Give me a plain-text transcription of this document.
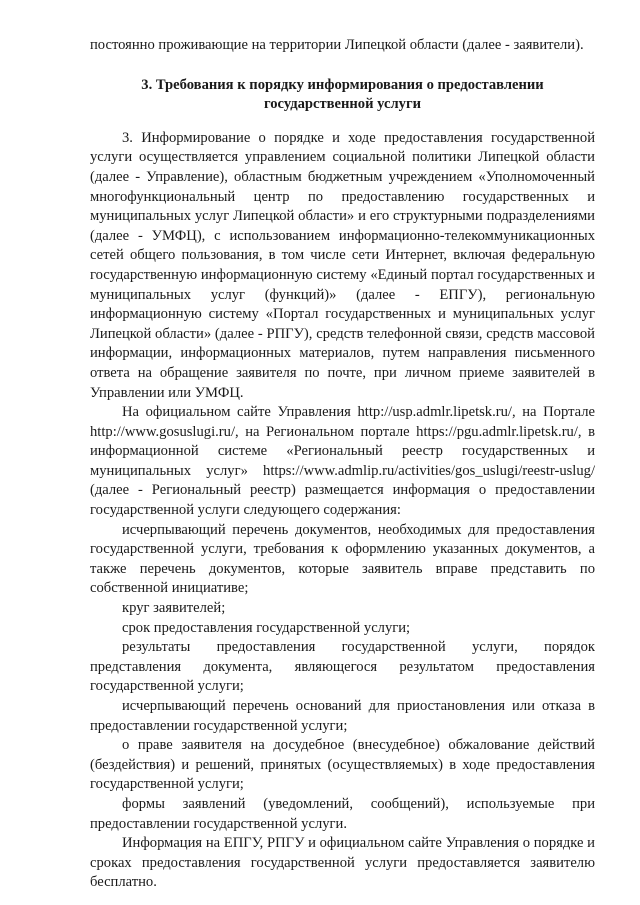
постоянно проживающие на территории Липецкой области (далее - заявители).

3. Требования к порядку информирования о предоставлении
государственной услуги

3. Информирование о порядке и ходе предоставления государственной услуги осуществляется управлением социальной политики Липецкой области (далее - Управление), областным бюджетным учреждением «Уполномоченный многофункциональный центр по предоставлению государственных и муниципальных услуг Липецкой области» и его структурными подразделениями (далее - УМФЦ), с использованием информационно-телекоммуникационных сетей общего пользования, в том числе сети Интернет, включая федеральную государственную информационную систему «Единый портал государственных и муниципальных услуг (функций)» (далее - ЕПГУ), региональную информационную систему «Портал государственных и муниципальных услуг Липецкой области» (далее - РПГУ), средств телефонной связи, средств массовой информации, информационных материалов, путем направления письменного ответа на обращение заявителя по почте, при личном приеме заявителей в Управлении или УМФЦ.

На официальном сайте Управления http://usp.admlr.lipetsk.ru/, на Портале http://www.gosuslugi.ru/, на Региональном портале https://pgu.admlr.lipetsk.ru/, в информационной системе «Региональный реестр государственных и муниципальных услуг» https://www.admlip.ru/activities/gos_uslugi/reestr-uslug/ (далее - Региональный реестр) размещается информация о предоставлении государственной услуги следующего содержания:

исчерпывающий перечень документов, необходимых для предоставления государственной услуги, требования к оформлению указанных документов, а также перечень документов, которые заявитель вправе представить по собственной инициативе;

круг заявителей;

срок предоставления государственной услуги;

результаты предоставления государственной услуги, порядок представления документа, являющегося результатом предоставления государственной услуги;

исчерпывающий перечень оснований для приостановления или отказа в предоставлении государственной услуги;

о праве заявителя на досудебное (внесудебное) обжалование действий (бездействия) и решений, принятых (осуществляемых) в ходе предоставления государственной услуги;

формы заявлений (уведомлений, сообщений), используемые при предоставлении государственной услуги.

Информация на ЕПГУ, РПГУ и официальном сайте Управления о порядке и сроках предоставления государственной услуги предоставляется заявителю бесплатно.
